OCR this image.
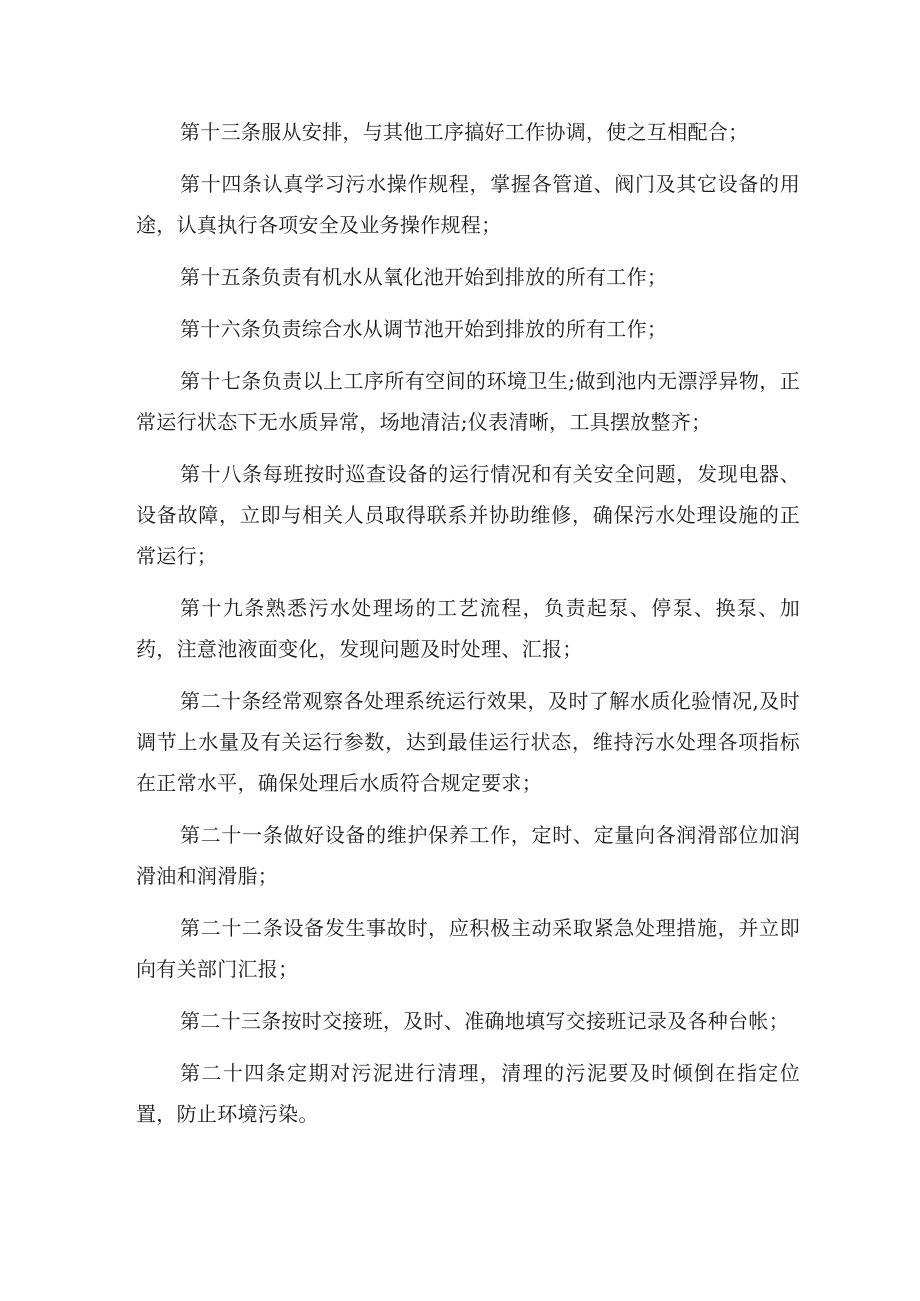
第十三条服从安排，与其他工序搞好工作协调，使之互相配合；

第十四条认真学习污水操作规程，掌握各管道、阀门及其它设备的用途，认真执行各项安全及业务操作规程；

第十五条负责有机水从氧化池开始到排放的所有工作；

第十六条负责综合水从调节池开始到排放的所有工作；

第十七条负责以上工序所有空间的环境卫生;做到池内无漂浮异物，正常运行状态下无水质异常，场地清洁;仪表清晰，工具摆放整齐；

第十八条每班按时巡查设备的运行情况和有关安全问题，发现电器、设备故障，立即与相关人员取得联系并协助维修，确保污水处理设施的正常运行；

第十九条熟悉污水处理场的工艺流程，负责起泵、停泵、换泵、加药，注意池液面变化，发现问题及时处理、汇报；

第二十条经常观察各处理系统运行效果，及时了解水质化验情况,及时调节上水量及有关运行参数，达到最佳运行状态，维持污水处理各项指标在正常水平，确保处理后水质符合规定要求；

第二十一条做好设备的维护保养工作，定时、定量向各润滑部位加润滑油和润滑脂；

第二十二条设备发生事故时，应积极主动采取紧急处理措施，并立即向有关部门汇报；

第二十三条按时交接班，及时、准确地填写交接班记录及各种台帐；

第二十四条定期对污泥进行清理，清理的污泥要及时倾倒在指定位置，防止环境污染。
